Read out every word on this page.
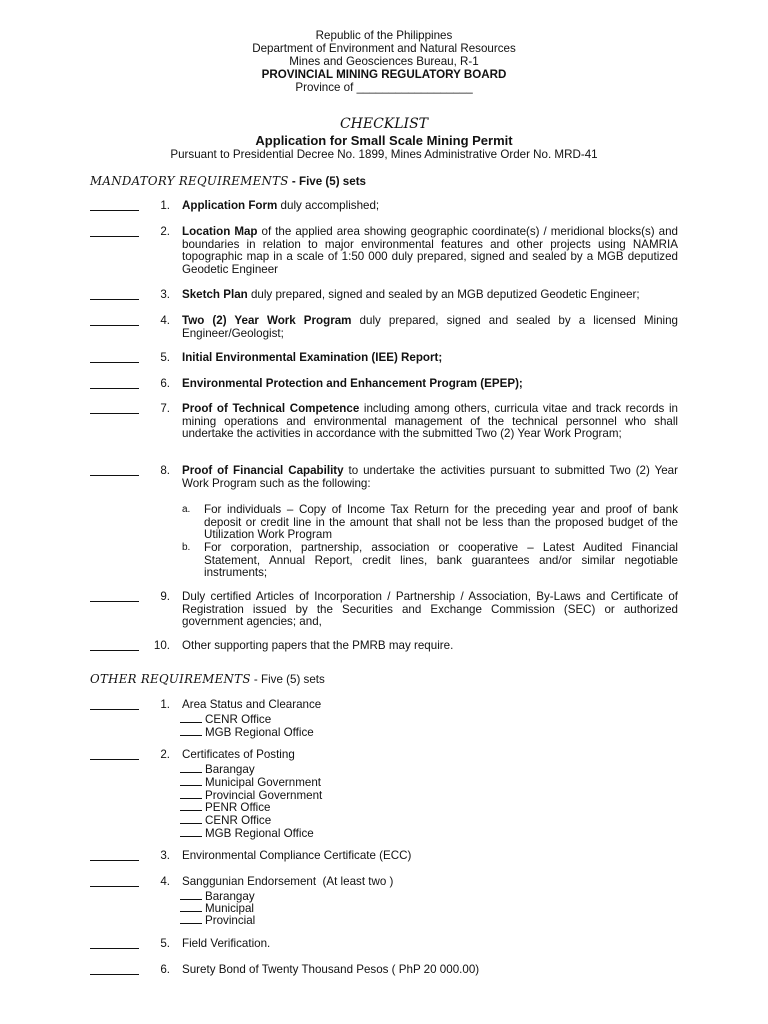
Republic of the Philippines
Department of Environment and Natural Resources
Mines and Geosciences Bureau, R-1
PROVINCIAL MINING REGULATORY BOARD
Province of __________________
CHECKLIST
Application for Small Scale Mining Permit
Pursuant to Presidential Decree No. 1899, Mines Administrative Order No. MRD-41
MANDATORY REQUIREMENTS - Five (5) sets
1. Application Form duly accomplished;
2. Location Map of the applied area showing geographic coordinate(s) / meridional blocks(s) and boundaries in relation to major environmental features and other projects using NAMRIA topographic map in a scale of 1:50 000 duly prepared, signed and sealed by a MGB deputized Geodetic Engineer
3. Sketch Plan duly prepared, signed and sealed by an MGB deputized Geodetic Engineer;
4. Two (2) Year Work Program duly prepared, signed and sealed by a licensed Mining Engineer/Geologist;
5. Initial Environmental Examination (IEE) Report;
6. Environmental Protection and Enhancement Program (EPEP);
7. Proof of Technical Competence including among others, curricula vitae and track records in mining operations and environmental management of the technical personnel who shall undertake the activities in accordance with the submitted Two (2) Year Work Program;
8. Proof of Financial Capability to undertake the activities pursuant to submitted Two (2) Year Work Program such as the following:
a.	For individuals – Copy of Income Tax Return for the preceding year and proof of bank deposit or credit line in the amount that shall not be less than the proposed budget of the Utilization Work Program
b.	For corporation, partnership, association or cooperative – Latest Audited Financial Statement, Annual Report, credit lines, bank guarantees and/or similar negotiable instruments;
9. Duly certified Articles of Incorporation / Partnership / Association, By-Laws and Certificate of Registration issued by the Securities and Exchange Commission (SEC) or authorized government agencies; and,
10. Other supporting papers that the PMRB may require.
OTHER REQUIREMENTS - Five (5) sets
1. Area Status and Clearance
CENR Office
MGB Regional Office
2. Certificates of Posting
Barangay
Municipal Government
Provincial Government
PENR Office
CENR Office
MGB Regional Office
3. Environmental Compliance Certificate (ECC)
4. Sanggunian Endorsement  (At least two )
Barangay
Municipal
Provincial
5. Field Verification.
6. Surety Bond of Twenty Thousand Pesos ( PhP 20 000.00)
